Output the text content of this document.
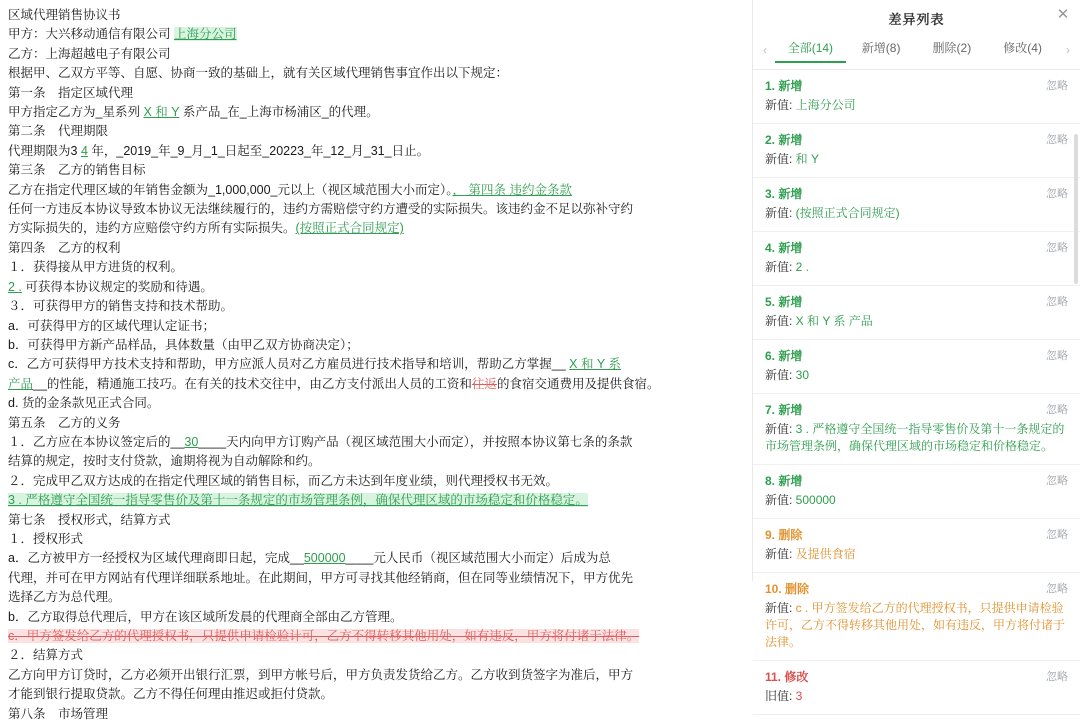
区域代理销售协议书
甲方：大兴移动通信有限公司 上海分公司
乙方：上海超越电子有限公司
根据甲、乙双方平等、自愿、协商一致的基础上，就有关区域代理销售事宜作出以下规定：
第一条　指定区域代理
甲方指定乙方为_星系列 X 和 Y 系产品_在_上海市杨浦区_的代理。
第二条　代理期限
代理期限为3 4 年，_2019_年_9_月_1_日起至_20223_年_12_月_31_日止。
第三条　乙方的销售目标
乙方在指定代理区域的年销售金额为_1,000,000_元以上（视区域范围大小而定）。， 第四条 违约金条款
任何一方违反本协议导致本协议无法继续履行的，违约方需赔偿守约方遭受的实际损失。该违约金不足以弥补守约
方实际损失的，违约方应赔偿守约方所有实际损失。(按照正式合同规定)
第四条　乙方的权利
１．获得接从甲方进货的权利。
2 . 可获得本协议规定的奖励和待遇。
３．可获得甲方的销售支持和技术帮助。
a．可获得甲方的区域代理认定证书；
b．可获得甲方新产品样品，具体数量（由甲乙双方协商决定）；
c．乙方可获得甲方技术支持和帮助，甲方应派人员对乙方雇员进行技术指导和培训，帮助乙方掌握__ X 和 Y 系
产品__的性能，精通施工技巧。在有关的技术交往中，由乙方支付派出人员的工资和往返的食宿交通费用及提供食宿。
d. 货的金条款见正式合同。
第五条　乙方的义务
１．乙方应在本协议签定后的__30____天内向甲方订购产品（视区域范围大小而定），并按照本协议第七条的条款
结算的规定，按时支付贷款，逾期将视为自动解除和约。
２．完成甲乙双方达成的在指定代理区域的销售目标，而乙方未达到年度业绩，则代理授权书无效。
3 . 严格遵守全国统一指导零售价及第十一条规定的市场管理条例，确保代理区域的市场稳定和价格稳定。
第七条　授权形式，结算方式
１．授权形式
a．乙方被甲方一经授权为区域代理商即日起，完成__500000____元人民币（视区域范围大小而定）后成为总
代理，并可在甲方网站有代理详细联系地址。在此期间，甲方可寻找其他经销商，但在同等业绩情况下，甲方优先
选择乙方为总代理。
b．乙方取得总代理后，甲方在该区域所发晨的代理商全部由乙方管理。
c．甲方签发给乙方的代理授权书，只提供申请检验计可，乙方不得转移其他用处，如有违反，甲方将付诸于法律。
２．结算方式
乙方向甲方订贷时，乙方必须开出银行汇票，到甲方帐号后，甲方负责发货给乙方。乙方收到货签字为准后，甲方
才能到银行提取贷款。乙方不得任何理由推迟或拒付贷款。
第八条　市场管理
差异列表	✕
‹	全部(14)	新增(8)	删除(2)	修改(4)	›
1. 新增
新值: 上海分公司
忽略
2. 新增
新值: 和 Y
忽略
3. 新增
新值: (按照正式合同规定)
忽略
4. 新增
新值: 2 .
忽略
5. 新增
新值: X 和 Y 系 产品
忽略
6. 新增
新值: 30
忽略
7. 新增
新值: 3 . 严格遵守全国统一指导零售价及第十一条规定的市场管理条例，确保代理区域的市场稳定和价格稳定。
忽略
8. 新增
新值: 500000
忽略
9. 删除
新值: 及提供食宿
忽略
10. 删除
新值: c . 甲方签发给乙方的代理授权书，只提供申请检验许可，乙方不得转移其他用处，如有违反，甲方将付诸于法律。
忽略
11. 修改
旧值: 3
忽略
